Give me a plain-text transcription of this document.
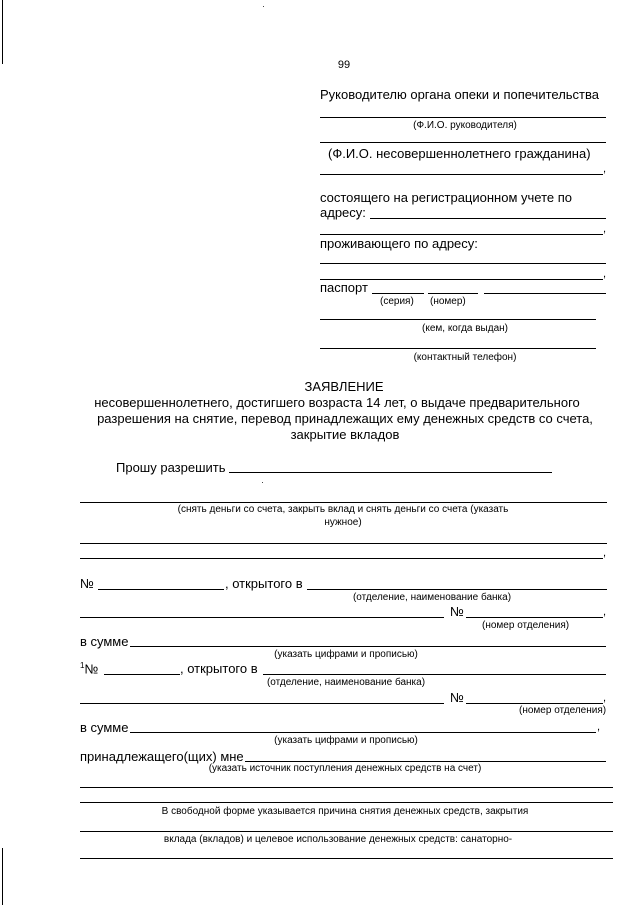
99
Руководителю органа опеки и попечительства
(Ф.И.О. руководителя)
(Ф.И.О. несовершеннолетнего гражданина)
,
состоящего на регистрационном учете по
адресу:
,
проживающего по адресу:
,
паспорт
(серия) (номер)
(кем, когда выдан)
(контактный телефон)
ЗАЯВЛЕНИЕ
несовершеннолетнего, достигшего возраста 14 лет, о выдаче предварительного
разрешения на снятие, перевод принадлежащих ему денежных средств со счета,
закрытие вкладов
Прошу разрешить
(снять деньги со счета, закрыть вклад и снять деньги со счета (указать
нужное)
,
№	, открытого в
(отделение, наименование банка)
№	,
(номер отделения)
в сумме
(указать цифрами и прописью)
$^1$№	, открытого в
(отделение, наименование банка)
№	,
(номер отделения)
в сумме	,
(указать цифрами и прописью)
принадлежащего(щих) мне
(указать источник поступления денежных средств на счет)
В свободной форме указывается причина снятия денежных средств, закрытия
вклада (вкладов) и целевое использование денежных средств: санаторно-
